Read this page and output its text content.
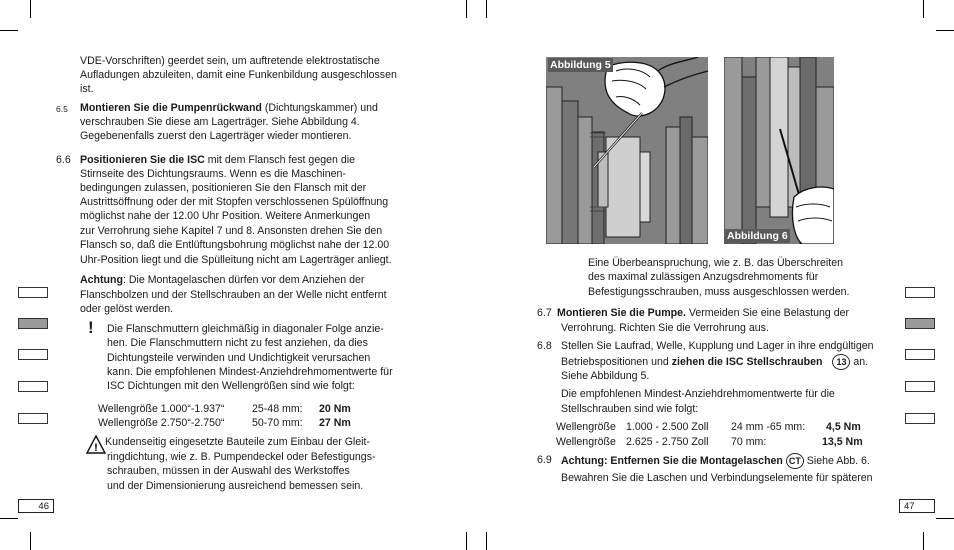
VDE-Vorschriften) geerdet sein, um auftretende elektrostatische
Aufladungen abzuleiten, damit eine Funkenbildung ausgeschlossen
ist.
6.5 Montieren Sie die Pumpenrückwand (Dichtungskammer) und
verschrauben Sie diese am Lagerträger. Siehe Abbildung 4.
Gegebenenfalls zuerst den Lagerträger wieder montieren.
6.6 Positionieren Sie die ISC mit dem Flansch fest gegen die
Stirnseite des Dichtungsraums. Wenn es die Maschinen-
bedingungen zulassen, positionieren Sie den Flansch mit der
Austrittsöffnung oder der mit Stopfen verschlossenen Spülöffnung
möglichst nahe der 12.00 Uhr Position. Weitere Anmerkungen
zur Verrohrung siehe Kapitel 7 und 8. Ansonsten drehen Sie den
Flansch so, daß die Entlüftungsbohrung möglichst nahe der 12.00
Uhr-Position liegt und die Spülleitung nicht am Lagerträger anliegt.
Achtung: Die Montagelaschen dürfen vor dem Anziehen der
Flanschbolzen und der Stellschrauben an der Welle nicht entfernt
oder gelöst werden.
! Die Flanschmuttern gleichmäßig in diagonaler Folge anzie-
hen. Die Flanschmuttern nicht zu fest anziehen, da dies
Dichtungsteile verwinden und Undichtigkeit verursachen
kann. Die empfohlenen Mindest-Anziehdrehmomentwerte für
ISC Dichtungen mit den Wellengrößen sind wie folgt:
Wellengröße 1.000“-1.937“	25-48 mm: 20 Nm
Wellengröße 2.750“-2.750“	50-70 mm: 27 Nm
! Kundenseitig eingesetzte Bauteile zum Einbau der Gleit-
ringdichtung, wie z. B. Pumpendeckel oder Befestigungs-
schrauben, müssen in der Auswahl des Werkstoffes
und der Dimensionierung ausreichend bemessen sein.
46
Abbildung 5
Abbildung 6
Eine Überbeanspruchung, wie z. B. das Überschreiten
des maximal zulässigen Anzugsdrehmoments für
Befestigungsschrauben, muss ausgeschlossen werden.
6.7 Montieren Sie die Pumpe. Vermeiden Sie eine Belastung der
Verrohrung. Richten Sie die Verrohrung aus.
6.8 Stellen Sie Laufrad, Welle, Kupplung und Lager in ihre endgültigen
Betriebspositionen und ziehen die ISC Stellschrauben 13 an.
Siehe Abbildung 5.
Die empfohlenen Mindest-Anziehdrehmomentwerte für die
Stellschrauben sind wie folgt:
Wellengröße 1.000 - 2.500 Zoll 24 mm -65 mm: 4,5 Nm
Wellengröße 2.625 - 2.750 Zoll 70 mm:	13,5 Nm
6.9 Achtung: Entfernen Sie die Montagelaschen CT Siehe Abb. 6.
Bewahren Sie die Laschen und Verbindungselemente für späteren
47
